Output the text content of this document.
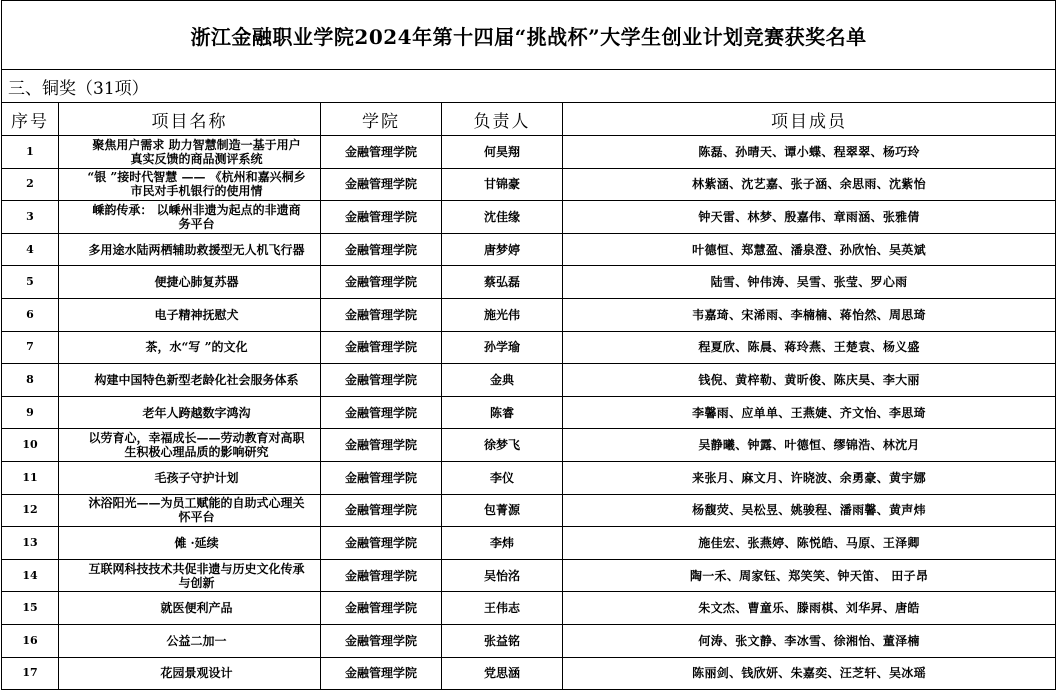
浙江金融职业学院2024年第十四届“挑战杯”大学生创业计划竞赛获奖名单				
三、铜奖（31项）				
序号	项目名称	学院	负责人	项目成员
1	聚焦用户需求 助力智慧制造一基于用户真实反馈的商品测评系统	金融管理学院	何昊翔	陈磊、孙晴天、谭小蝶、程翠翠、杨巧玲
2	“银 ”接时代智慧 —— 《杭州和嘉兴桐乡市民对手机银行的使用情	金融管理学院	甘锦豪	林紫涵、沈艺嘉、张子涵、余思雨、沈紫怡
3	嵊韵传承： 以嵊州非遗为起点的非遗商务平台	金融管理学院	沈佳缘	钟天雷、林梦、殷嘉伟、章雨涵、张雅倩
4	多用途水陆两栖辅助救援型无人机飞行器	金融管理学院	唐梦婷	叶德恒、郑慧盈、潘泉澄、孙欣怡、吴英斌
5	便捷心肺复苏器	金融管理学院	蔡弘磊	陆雪、钟伟涛、吴雪、张莹、罗心雨
6	电子精神抚慰犬	金融管理学院	施光伟	韦嘉琦、宋浠雨、李楠楠、蒋怡然、周思琦
7	茶，水“写 ”的文化	金融管理学院	孙学瑜	程夏欣、陈晨、蒋玲燕、王楚袁、杨义盛
8	构建中国特色新型老龄化社会服务体系	金融管理学院	金典	钱倪、黄梓勒、黄昕俊、陈庆昊、李大丽
9	老年人跨越数字鸿沟	金融管理学院	陈睿	李馨雨、应单单、王燕婕、齐文怡、李思琦
10	以劳育心，幸福成长——劳动教育对高职生积极心理品质的影响研究	金融管理学院	徐梦飞	吴静曦、钟露、叶德恒、缪锦浩、林沈月
11	毛孩子守护计划	金融管理学院	李仪	来张月、麻文月、许晓波、余勇豪、黄宇娜
12	沐浴阳光——为员工赋能的自助式心理关怀平台	金融管理学院	包菁源	杨馥荧、吴松昱、姚骏程、潘雨馨、黄声炜
13	傩 ·延续	金融管理学院	李炜	施佳宏、张燕婷、陈悦皓、马原、王泽卿
14	互联网科技技术共促非遗与历史文化传承与创新	金融管理学院	吴怡洺	陶一禾、周家钰、郑笑笑、钟天笛、 田子昂
15	就医便利产品	金融管理学院	王伟志	朱文杰、曹童乐、滕雨棋、刘华昇、唐皓
16	公益二加一	金融管理学院	张益铭	何涛、张文静、李冰雪、徐湘怡、董泽楠
17	花园景观设计	金融管理学院	党思涵	陈丽剑、钱欣妍、朱嘉奕、汪芝轩、吴冰瑶
